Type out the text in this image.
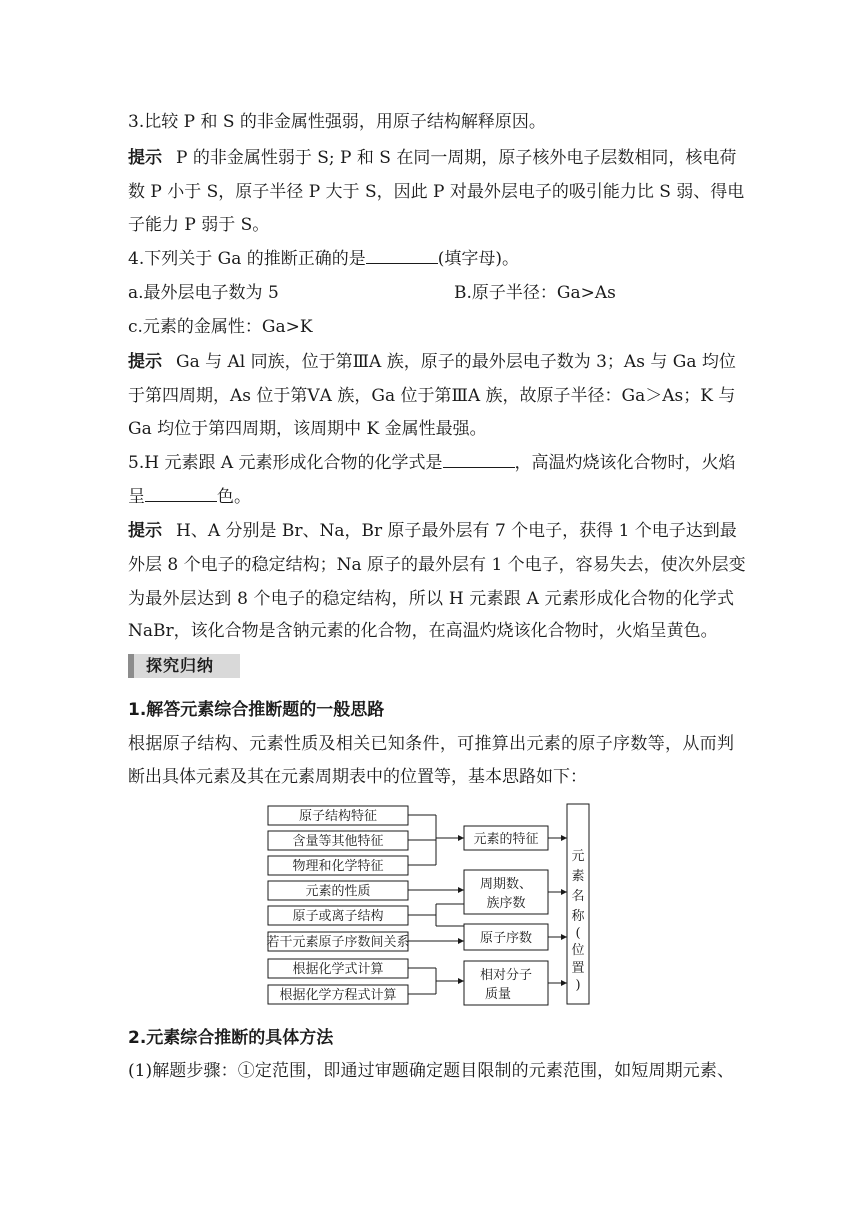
3.比较 P 和 S 的非金属性强弱，用原子结构解释原因。
提示 P 的非金属性弱于 S; P 和 S 在同一周期，原子核外电子层数相同，核电荷
数 P 小于 S，原子半径 P 大于 S，因此 P 对最外层电子的吸引能力比 S 弱、得电
子能力 P 弱于 S。
4.下列关于 Ga 的推断正确的是	(填字母)。
a.最外层电子数为 5	B.原子半径：Ga>As
c.元素的金属性：Ga>K
提示 Ga 与 Al 同族，位于第ⅢA 族，原子的最外层电子数为 3；As 与 Ga 均位
于第四周期，As 位于第ⅤA 族，Ga 位于第ⅢA 族，故原子半径：Ga＞As；K 与
Ga 均位于第四周期，该周期中 K 金属性最强。
5.H 元素跟 A 元素形成化合物的化学式是	，高温灼烧该化合物时，火焰
呈	色。
提示 H、A 分别是 Br、Na，Br 原子最外层有 7 个电子，获得 1 个电子达到最
外层 8 个电子的稳定结构；Na 原子的最外层有 1 个电子，容易失去，使次外层变
为最外层达到 8 个电子的稳定结构，所以 H 元素跟 A 元素形成化合物的化学式
NaBr，该化合物是含钠元素的化合物，在高温灼烧该化合物时，火焰呈黄色。
探究归纳
1.解答元素综合推断题的一般思路
根据原子结构、元素性质及相关已知条件，可推算出元素的原子序数等，从而判
断出具体元素及其在元素周期表中的位置等，基本思路如下：
原子结构特征
含量等其他特征
物理和化学特征
元素的性质
原子或离子结构
若干元素原子序数间关系
根据化学式计算
根据化学方程式计算
元素的特征
周期数、
族序数
原子序数
相对分子
质量
元
素
名
称
(
位
置
)
2.元素综合推断的具体方法
(1)解题步骤：①定范围，即通过审题确定题目限制的元素范围，如短周期元素、
